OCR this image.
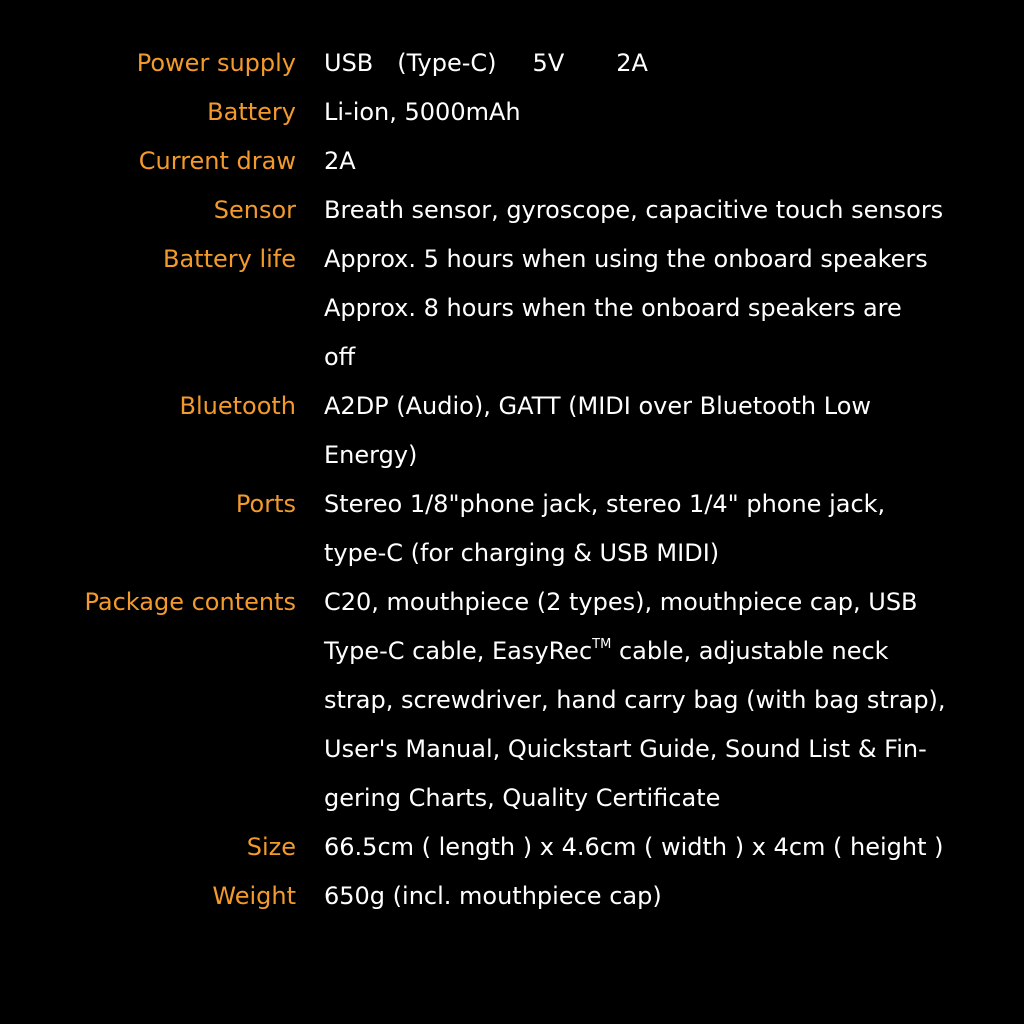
Power supply USB　(Type-C) 5V 2A
Battery Li-ion, 5000mAh
Current draw 2A
Sensor Breath sensor, gyroscope, capacitive touch sensors
Battery life Approx. 5 hours when using the onboard speakers
Approx. 8 hours when the onboard speakers are
off
Bluetooth A2DP (Audio), GATT (MIDI over Bluetooth Low
Energy)
Ports Stereo 1/8"phone jack, stereo 1/4" phone jack,
type-C (for charging & USB MIDI)
Package contents C20, mouthpiece (2 types), mouthpiece cap, USB
Type-C cable, EasyRec™ cable, adjustable neck
strap, screwdriver, hand carry bag (with bag strap),
User's Manual, Quickstart Guide, Sound List & Fin-
gering Charts, Quality Certificate
Size 66.5cm ( length ) x 4.6cm ( width ) x 4cm ( height )
Weight 650g (incl. mouthpiece cap)
